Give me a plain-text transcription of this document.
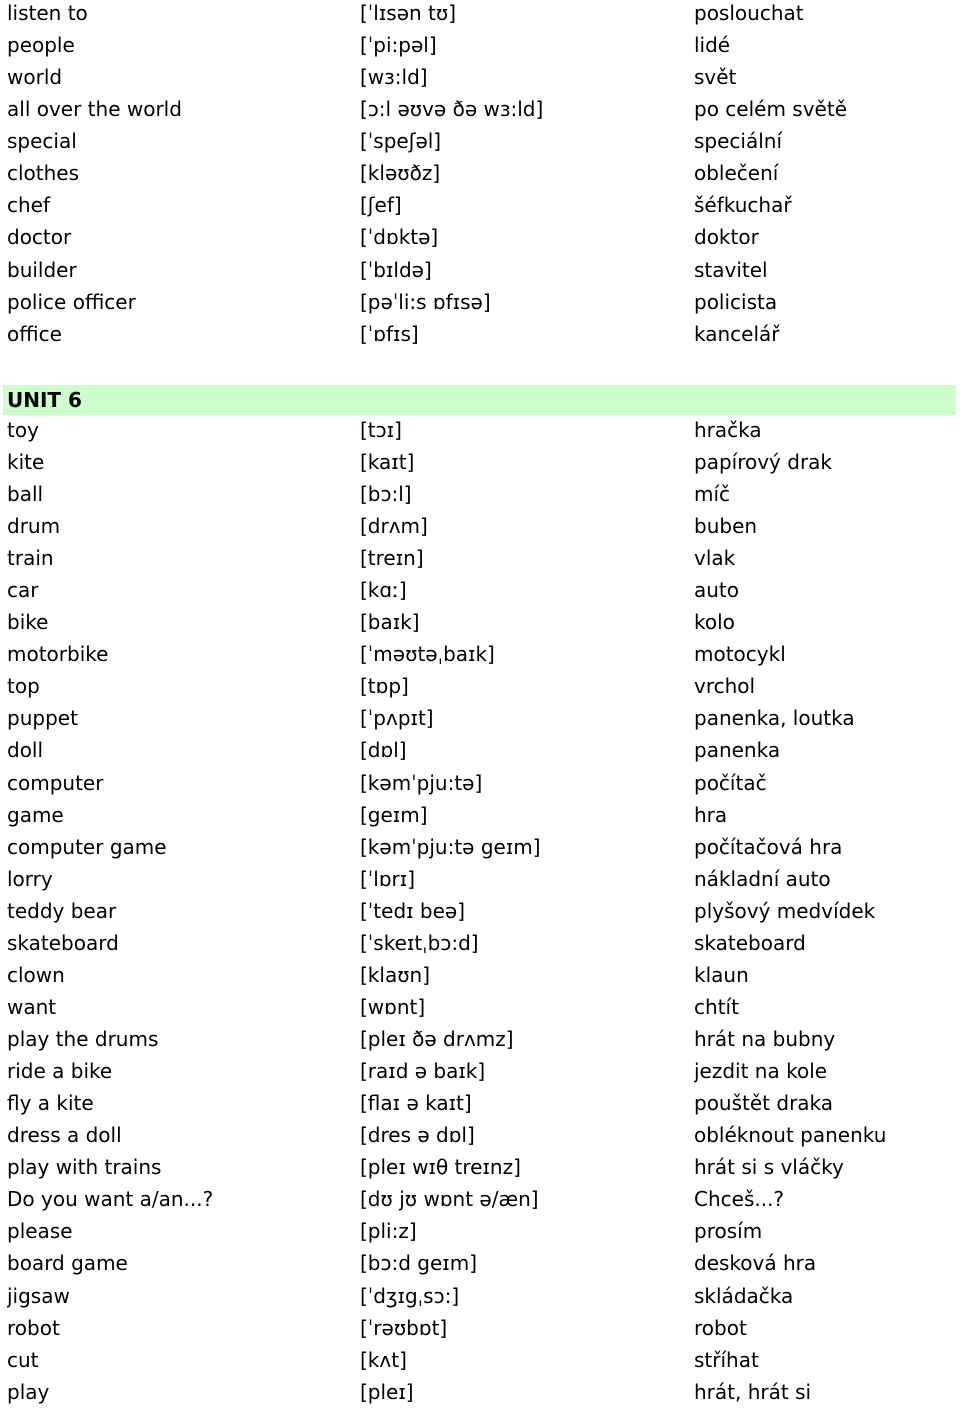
listen to	[ˈlɪsən tʊ]	poslouchat
people	[ˈpi:pəl]	lidé
world	[wɜ:ld]	svět
all over the world	[ɔ:l əʊvə ðə wɜ:ld]	po celém světě
special	[ˈspeʃəl]	speciální
clothes	[kləʊðz]	oblečení
chef	[ʃef]	šéfkuchař
doctor	[ˈdɒktə]	doktor
builder	[ˈbɪldə]	stavitel
police officer	[pəˈli:s ɒfɪsə]	policista
office	[ˈɒfɪs]	kancelář
UNIT 6
toy	[tɔɪ]	hračka
kite	[kaɪt]	papírový drak
ball	[bɔ:l]	míč
drum	[drʌm]	buben
train	[treɪn]	vlak
car	[kɑː]	auto
bike	[baɪk]	kolo
motorbike	[ˈməʊtəˌbaɪk]	motocykl
top	[tɒp]	vrchol
puppet	[ˈpʌpɪt]	panenka, loutka
doll	[dɒl]	panenka
computer	[kəmˈpju:tə]	počítač
game	[geɪm]	hra
computer game	[kəmˈpju:tə geɪm]	počítačová hra
lorry	[ˈlɒrɪ]	nákladní auto
teddy bear	[ˈtedɪ beə]	plyšový medvídek
skateboard	[ˈskeɪtˌbɔ:d]	skateboard
clown	[klaʊn]	klaun
want	[wɒnt]	chtít
play the drums	[pleɪ ðə drʌmz]	hrát na bubny
ride a bike	[raɪd ə baɪk]	jezdit na kole
fly a kite	[flaɪ ə kaɪt]	pouštět draka
dress a doll	[dres ə dɒl]	obléknout panenku
play with trains	[pleɪ wɪθ treɪnz]	hrát si s vláčky
Do you want a/an...?	[dʊ jʊ wɒnt ə/æn]	Chceš...?
please	[pli:z]	prosím
board game	[bɔ:d geɪm]	desková hra
jigsaw	[ˈdʒɪgˌsɔ:]	skládačka
robot	[ˈrəʊbɒt]	robot
cut	[kʌt]	stříhat
play	[pleɪ]	hrát, hrát si
